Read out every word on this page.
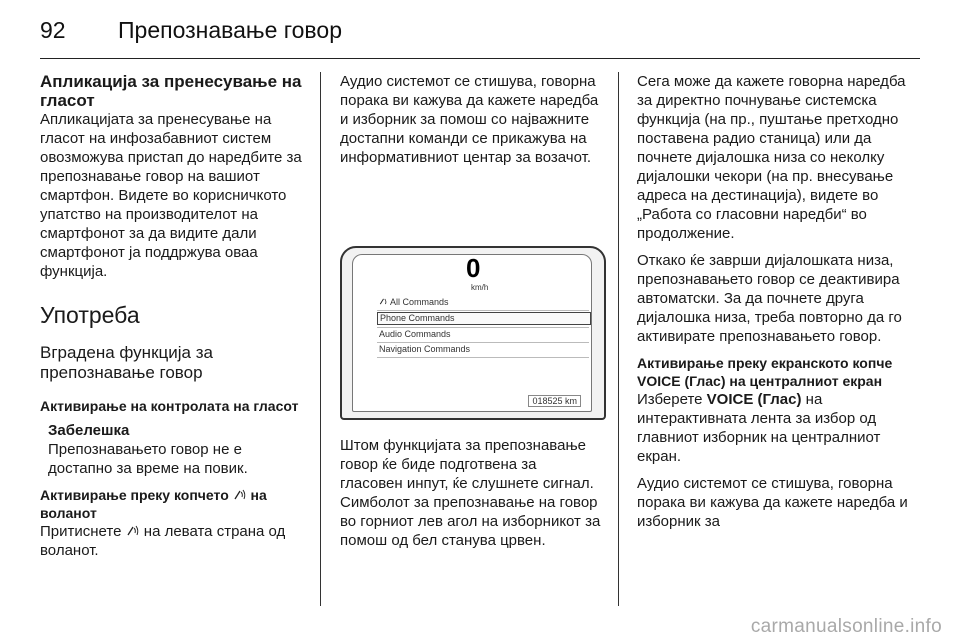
92 Препознавање говор

Апликација за пренесување на гласот

Апликацијата за пренесување на гласот на инфозабавниот систем овозможува пристап до наредбите за препознавање говор на вашиот смартфон. Видете во корисничкото упатство на производителот на смартфонот за да видите дали смартфонот ја поддржува оваа функција.

Употреба

Вградена функција за препознавање говор

Активирање на контролата на гласот

Забелешка

Препознавањето говор не е достапно за време на повик.

Активирање преку копчето на воланот

Притиснете на левата страна од воланот.

Аудио системот се стишува, говорна порака ви кажува да кажете наредба и изборник за помош со најважните достапни команди се прикажува на информативниот центар за возачот.

0
km/h
All Commands
Phone Commands
Audio Commands
Navigation Commands
018525 km

Штом функцијата за препознавање говор ќе биде подготвена за гласовен инпут, ќе слушнете сигнал. Симболот за препознавање на говор во горниот лев агол на изборникот за помош од бел станува црвен.

Сега може да кажете говорна наредба за директно почнување системска функција (на пр., пуштање претходно поставена радио станица) или да почнете дијалошка низа со неколку дијалошки чекори (на пр. внесување адреса на дестинација), видете во „Работа со гласовни наредби“ во продолжение.

Откако ќе заврши дијалошката низа, препознавањето говор се деактивира автоматски. За да почнете друга дијалошка низа, треба повторно да го активирате препознавањето говор.

Активирање преку екранското копче VOICE (Глас) на централниот екран

Изберете VOICE (Глас) на интерактивната лента за избор од главниот изборник на централниот екран.

Аудио системот се стишува, говорна порака ви кажува да кажете наредба и изборник за

carmanualsonline.info
